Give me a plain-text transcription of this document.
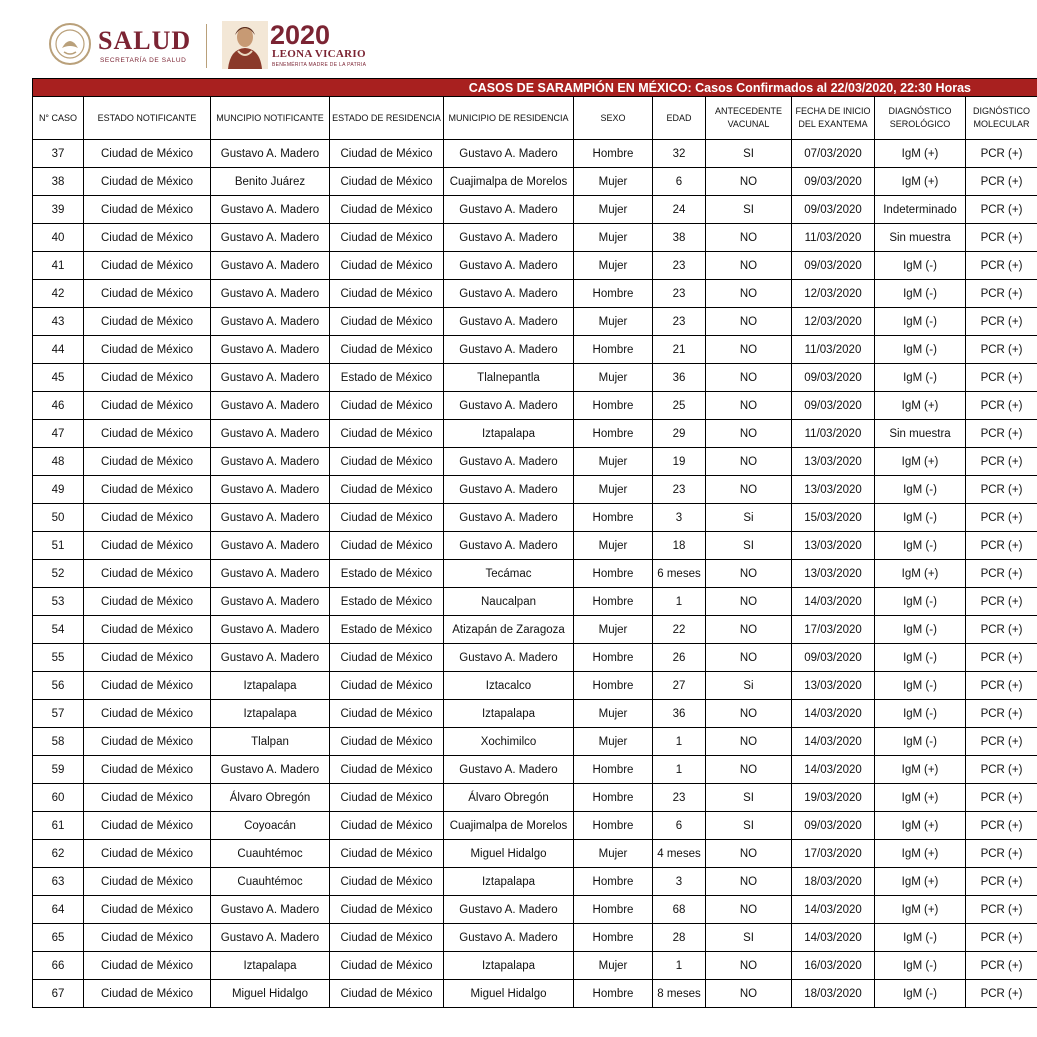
SALUD
SECRETARÍA DE SALUD
2020
LEONA VICARIO
BENEMÉRITA MADRE DE LA PATRIA
CASOS DE SARAMPIÓN EN MÉXICO: Casos Confirmados al 22/03/2020, 22:30 Horas										
N° CASO	ESTADO NOTIFICANTE	MUNCIPIO NOTIFICANTE	ESTADO DE RESIDENCIA	MUNICIPIO DE RESIDENCIA	SEXO	EDAD	ANTECEDENTE VACUNAL	FECHA DE INICIO DEL EXANTEMA	DIAGNÓSTICO SEROLÓGICO	DIGNÓSTICO MOLECULAR
37	Ciudad de México	Gustavo A. Madero	Ciudad de México	Gustavo A. Madero	Hombre	32	SI	07/03/2020	IgM (+)	PCR (+)
38	Ciudad de México	Benito Juárez	Ciudad de México	Cuajimalpa de Morelos	Mujer	6	NO	09/03/2020	IgM (+)	PCR (+)
39	Ciudad de México	Gustavo A. Madero	Ciudad de México	Gustavo A. Madero	Mujer	24	SI	09/03/2020	Indeterminado	PCR (+)
40	Ciudad de México	Gustavo A. Madero	Ciudad de México	Gustavo A. Madero	Mujer	38	NO	11/03/2020	Sin muestra	PCR (+)
41	Ciudad de México	Gustavo A. Madero	Ciudad de México	Gustavo A. Madero	Mujer	23	NO	09/03/2020	IgM (-)	PCR (+)
42	Ciudad de México	Gustavo A. Madero	Ciudad de México	Gustavo A. Madero	Hombre	23	NO	12/03/2020	IgM (-)	PCR (+)
43	Ciudad de México	Gustavo A. Madero	Ciudad de México	Gustavo A. Madero	Mujer	23	NO	12/03/2020	IgM (-)	PCR (+)
44	Ciudad de México	Gustavo A. Madero	Ciudad de México	Gustavo A. Madero	Hombre	21	NO	11/03/2020	IgM (-)	PCR (+)
45	Ciudad de México	Gustavo A. Madero	Estado de México	Tlalnepantla	Mujer	36	NO	09/03/2020	IgM (-)	PCR (+)
46	Ciudad de México	Gustavo A. Madero	Ciudad de México	Gustavo A. Madero	Hombre	25	NO	09/03/2020	IgM (+)	PCR (+)
47	Ciudad de México	Gustavo A. Madero	Ciudad de México	Iztapalapa	Hombre	29	NO	11/03/2020	Sin muestra	PCR (+)
48	Ciudad de México	Gustavo A. Madero	Ciudad de México	Gustavo A. Madero	Mujer	19	NO	13/03/2020	IgM (+)	PCR (+)
49	Ciudad de México	Gustavo A. Madero	Ciudad de México	Gustavo A. Madero	Mujer	23	NO	13/03/2020	IgM (-)	PCR (+)
50	Ciudad de México	Gustavo A. Madero	Ciudad de México	Gustavo A. Madero	Hombre	3	Si	15/03/2020	IgM (-)	PCR (+)
51	Ciudad de México	Gustavo A. Madero	Ciudad de México	Gustavo A. Madero	Mujer	18	SI	13/03/2020	IgM (-)	PCR (+)
52	Ciudad de México	Gustavo A. Madero	Estado de México	Tecámac	Hombre	6 meses	NO	13/03/2020	IgM (+)	PCR (+)
53	Ciudad de México	Gustavo A. Madero	Estado de México	Naucalpan	Hombre	1	NO	14/03/2020	IgM (-)	PCR (+)
54	Ciudad de México	Gustavo A. Madero	Estado de México	Atizapán de Zaragoza	Mujer	22	NO	17/03/2020	IgM (-)	PCR (+)
55	Ciudad de México	Gustavo A. Madero	Ciudad de México	Gustavo A. Madero	Hombre	26	NO	09/03/2020	IgM (-)	PCR (+)
56	Ciudad de México	Iztapalapa	Ciudad de México	Iztacalco	Hombre	27	Si	13/03/2020	IgM (-)	PCR (+)
57	Ciudad de México	Iztapalapa	Ciudad de México	Iztapalapa	Mujer	36	NO	14/03/2020	IgM (-)	PCR (+)
58	Ciudad de México	Tlalpan	Ciudad de México	Xochimilco	Mujer	1	NO	14/03/2020	IgM (-)	PCR (+)
59	Ciudad de México	Gustavo A. Madero	Ciudad de México	Gustavo A. Madero	Hombre	1	NO	14/03/2020	IgM (+)	PCR (+)
60	Ciudad de México	Álvaro Obregón	Ciudad de México	Álvaro Obregón	Hombre	23	SI	19/03/2020	IgM (+)	PCR (+)
61	Ciudad de México	Coyoacán	Ciudad de México	Cuajimalpa de Morelos	Hombre	6	SI	09/03/2020	IgM (+)	PCR (+)
62	Ciudad de México	Cuauhtémoc	Ciudad de México	Miguel Hidalgo	Mujer	4 meses	NO	17/03/2020	IgM (+)	PCR (+)
63	Ciudad de México	Cuauhtémoc	Ciudad de México	Iztapalapa	Hombre	3	NO	18/03/2020	IgM (+)	PCR (+)
64	Ciudad de México	Gustavo A. Madero	Ciudad de México	Gustavo A. Madero	Hombre	68	NO	14/03/2020	IgM (+)	PCR (+)
65	Ciudad de México	Gustavo A. Madero	Ciudad de México	Gustavo A. Madero	Hombre	28	SI	14/03/2020	IgM (-)	PCR (+)
66	Ciudad de México	Iztapalapa	Ciudad de México	Iztapalapa	Mujer	1	NO	16/03/2020	IgM (-)	PCR (+)
67	Ciudad de México	Miguel Hidalgo	Ciudad de México	Miguel Hidalgo	Hombre	8 meses	NO	18/03/2020	IgM (-)	PCR (+)
